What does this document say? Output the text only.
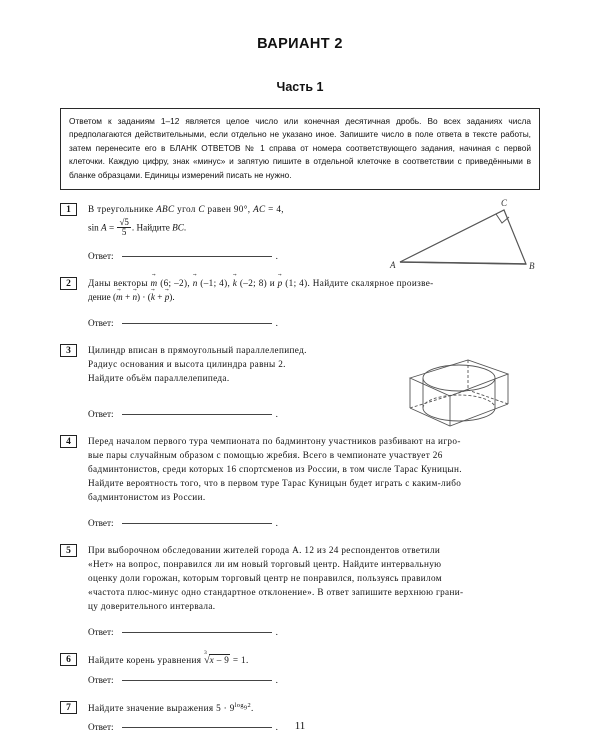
ВАРИАНТ 2
Часть 1

Ответом к заданиям 1–12 является целое число или конечная десятичная дробь. Во всех заданиях числа предполагаются действительными, если отдельно не указано иное. Запишите число в поле ответа в тексте работы, затем перенесите его в БЛАНК ОТВЕТОВ № 1 справа от номера соответствующего задания, начиная с первой клеточки. Каждую цифру, знак «минус» и запятую пишите в отдельной клеточке в соответствии с приведёнными в бланке образцами. Единицы измерений писать не нужно.

1	В треугольнике ABC угол C равен 90°, AC = 4,

$\sin A = \frac{√5}{5}$ . Найдите BC.

Ответ:	.
2	Даны векторы m → (6; –2), n → (–1; 4), k → (–2; 8) и p → (1; 4). Найдите скалярное произве-

дение (m → + n →) · (k → + p →).

Ответ:	.
3	Цилиндр вписан в прямоугольный параллелепипед.

Радиус основания и высота цилиндра равны 2.

Найдите объём параллелепипеда.

Ответ:	.
4	Перед началом первого тура чемпионата по бадминтону участников разбивают на игро-

вые пары случайным образом с помощью жребия. Всего в чемпионате участвует 26

бадминтонистов, среди которых 16 спортсменов из России, в том числе Тарас Куницын.

Найдите вероятность того, что в первом туре Тарас Куницын будет играть с каким-либо

бадминтонистом из России.

Ответ:	.
5	При выборочном обследовании жителей города А. 12 из 24 респондентов ответили

«Нет» на вопрос, понравился ли им новый торговый центр. Найдите интервальную

оценку доли горожан, которым торговый центр не понравился, пользуясь правилом

«частота плюс-минус одно стандартное отклонение». В ответ запишите верхнюю грани-

цу доверительного интервала.

Ответ:	.
6	Найдите корень уравнения
3
√x – 9 = 1.

Ответ:	.
7	Найдите значение выражения $5 \cdot 9^{log_92}$.

Ответ:	.	11
C
A	B
